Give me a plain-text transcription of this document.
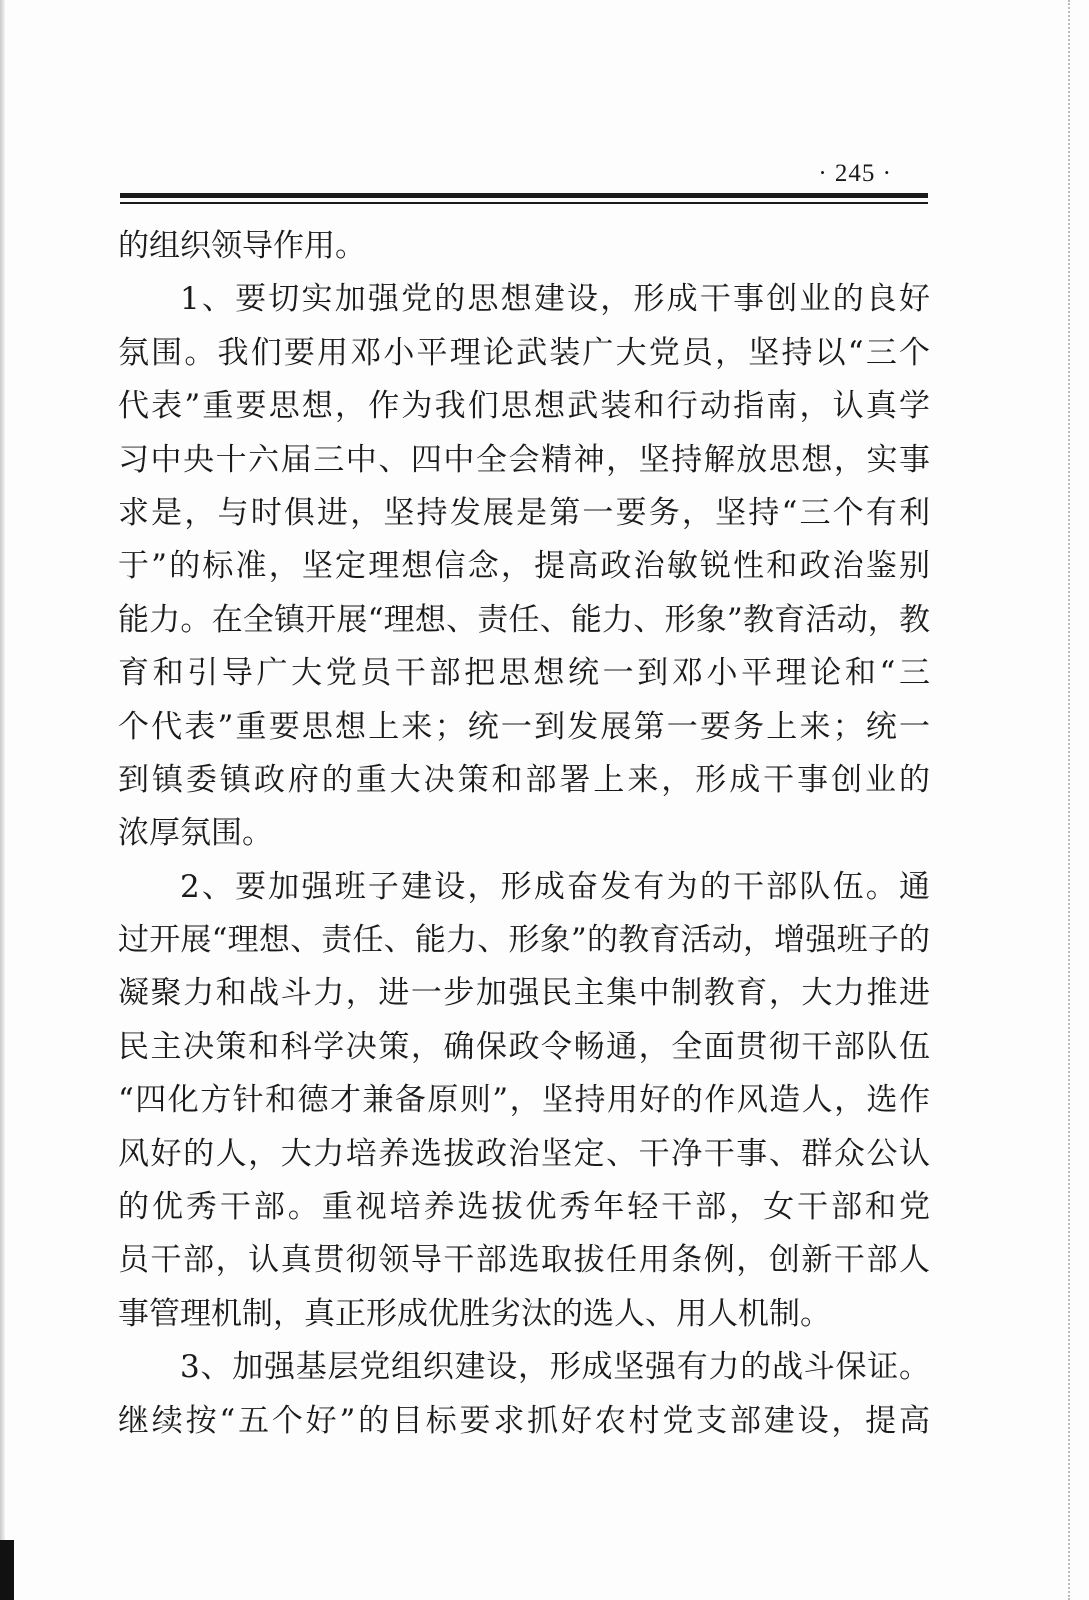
· 245 ·
的组织领导作用。
1、要切实加强党的思想建设，形成干事创业的良好
氛围。我们要用邓小平理论武装广大党员，坚持以“三个
代表”重要思想，作为我们思想武装和行动指南，认真学
习中央十六届三中、四中全会精神，坚持解放思想，实事
求是，与时俱进，坚持发展是第一要务，坚持“三个有利
于”的标准，坚定理想信念，提高政治敏锐性和政治鉴别
能力。在全镇开展“理想、责任、能力、形象”教育活动，教
育和引导广大党员干部把思想统一到邓小平理论和“三
个代表”重要思想上来；统一到发展第一要务上来；统一
到镇委镇政府的重大决策和部署上来，形成干事创业的
浓厚氛围。
2、要加强班子建设，形成奋发有为的干部队伍。通
过开展“理想、责任、能力、形象”的教育活动，增强班子的
凝聚力和战斗力，进一步加强民主集中制教育，大力推进
民主决策和科学决策，确保政令畅通，全面贯彻干部队伍
“四化方针和德才兼备原则”，坚持用好的作风造人，选作
风好的人，大力培养选拔政治坚定、干净干事、群众公认
的优秀干部。重视培养选拔优秀年轻干部，女干部和党
员干部，认真贯彻领导干部选取拔任用条例，创新干部人
事管理机制，真正形成优胜劣汰的选人、用人机制。
3、加强基层党组织建设，形成坚强有力的战斗保证。
继续按“五个好”的目标要求抓好农村党支部建设，提高
